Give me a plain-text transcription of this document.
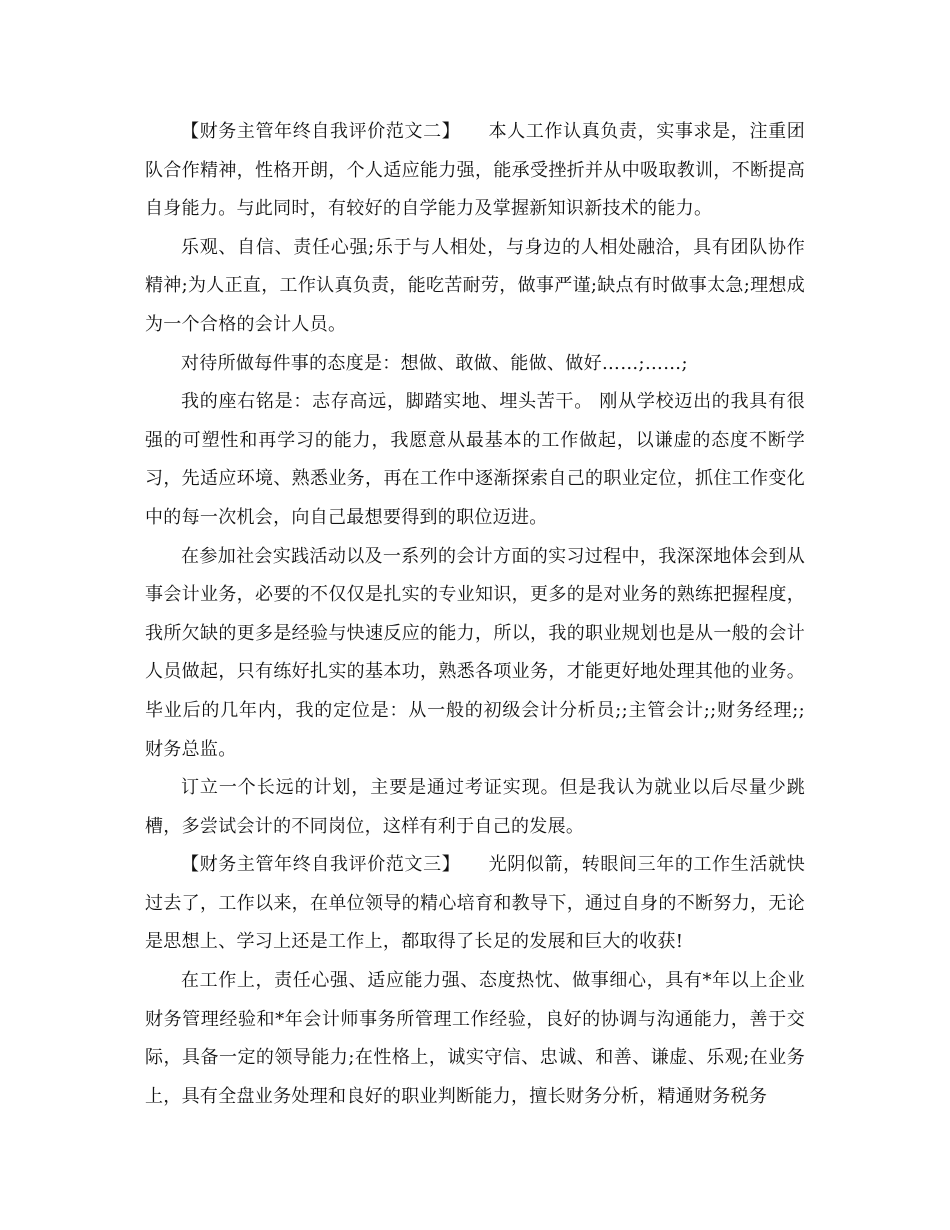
【财务主管年终自我评价范文二】　　本人工作认真负责，实事求是，注重团队合作精神，性格开朗，个人适应能力强，能承受挫折并从中吸取教训，不断提高自身能力。与此同时，有较好的自学能力及掌握新知识新技术的能力。

乐观、自信、责任心强;乐于与人相处，与身边的人相处融洽，具有团队协作精神;为人正直，工作认真负责，能吃苦耐劳，做事严谨;缺点有时做事太急;理想成为一个合格的会计人员。

对待所做每件事的态度是：想做、敢做、能做、做好……;……;

我的座右铭是：志存高远，脚踏实地、埋头苦干。 刚从学校迈出的我具有很强的可塑性和再学习的能力，我愿意从最基本的工作做起，以谦虚的态度不断学习，先适应环境、熟悉业务，再在工作中逐渐探索自己的职业定位，抓住工作变化中的每一次机会，向自己最想要得到的职位迈进。

在参加社会实践活动以及一系列的会计方面的实习过程中，我深深地体会到从事会计业务，必要的不仅仅是扎实的专业知识，更多的是对业务的熟练把握程度，我所欠缺的更多是经验与快速反应的能力，所以，我的职业规划也是从一般的会计人员做起，只有练好扎实的基本功，熟悉各项业务，才能更好地处理其他的业务。毕业后的几年内，我的定位是：从一般的初级会计分析员;;主管会计;;财务经理;;财务总监。

订立一个长远的计划，主要是通过考证实现。但是我认为就业以后尽量少跳槽，多尝试会计的不同岗位，这样有利于自己的发展。

【财务主管年终自我评价范文三】　　光阴似箭，转眼间三年的工作生活就快过去了，工作以来，在单位领导的精心培育和教导下，通过自身的不断努力，无论是思想上、学习上还是工作上，都取得了长足的发展和巨大的收获!

在工作上，责任心强、适应能力强、态度热忱、做事细心，具有*年以上企业财务管理经验和*年会计师事务所管理工作经验，良好的协调与沟通能力，善于交际，具备一定的领导能力;在性格上，诚实守信、忠诚、和善、谦虚、乐观;在业务上，具有全盘业务处理和良好的职业判断能力，擅长财务分析，精通财务税务
